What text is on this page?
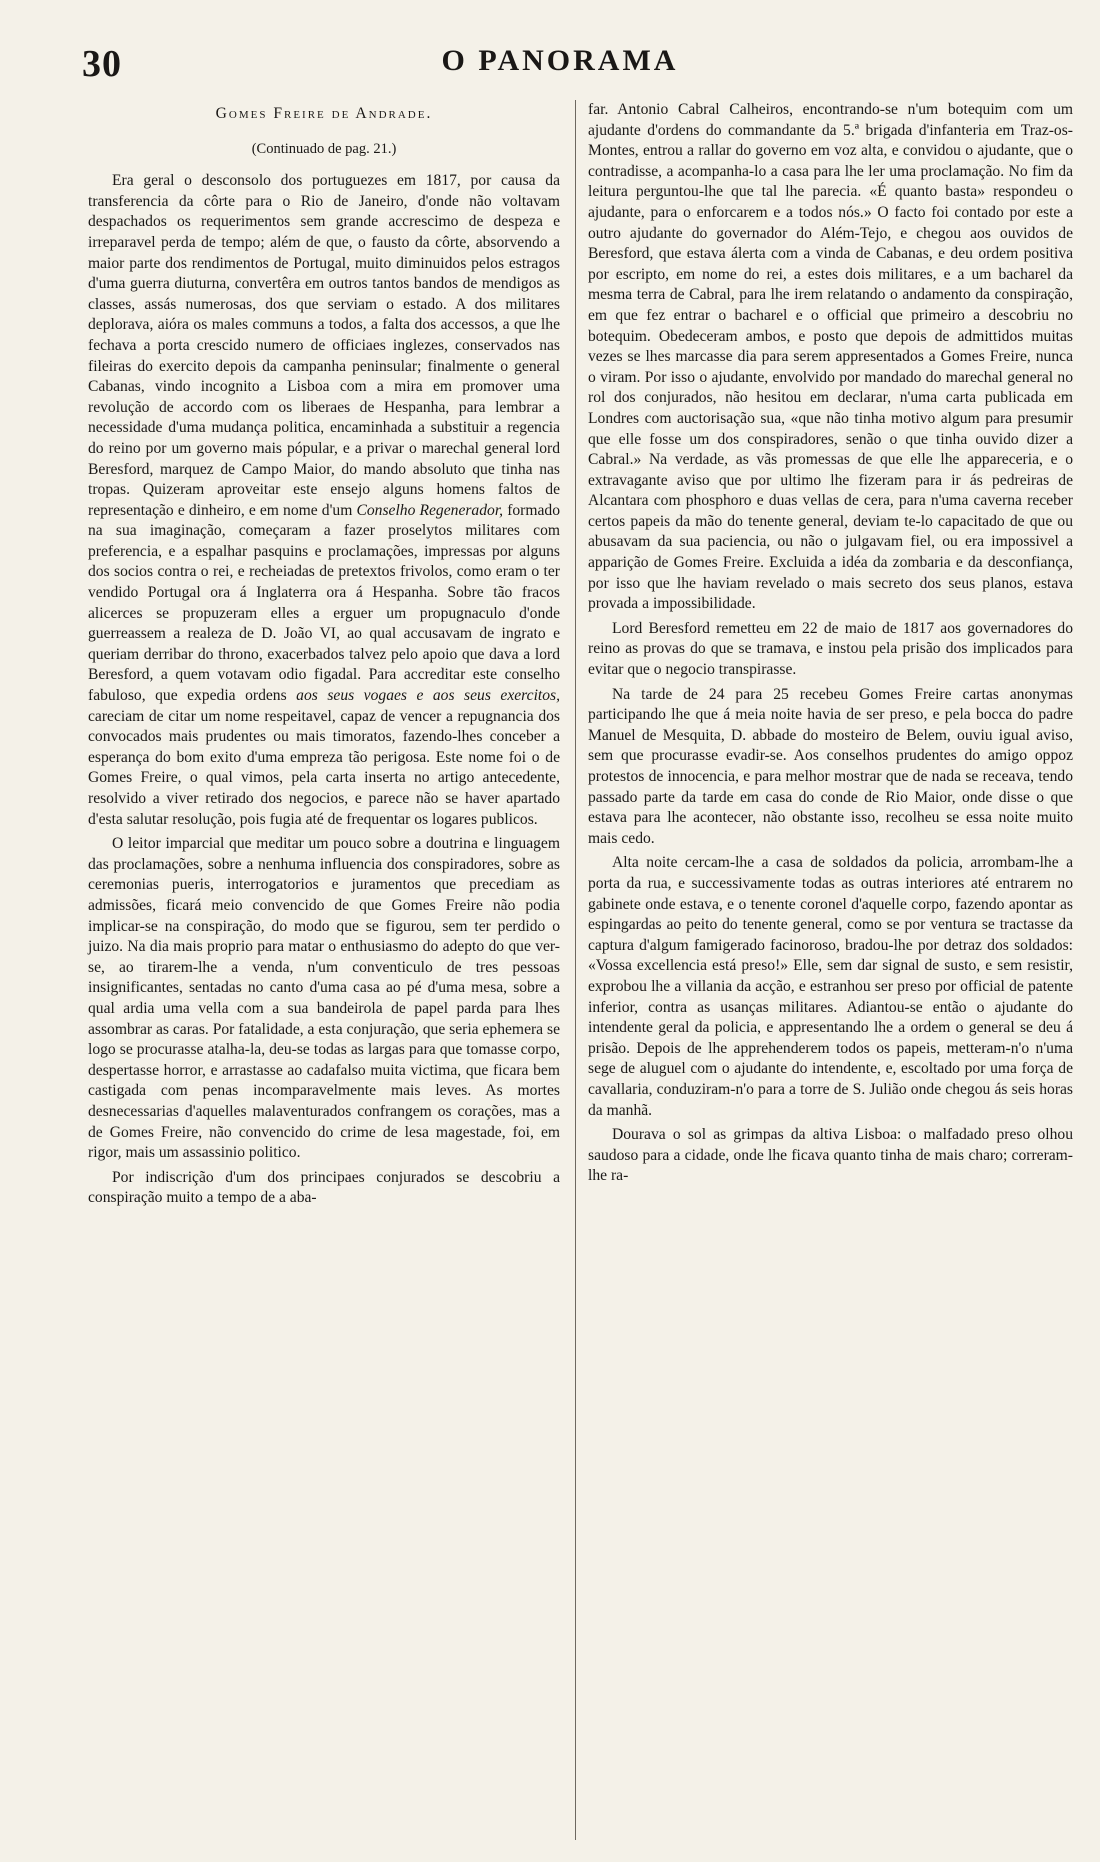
30	O PANORAMA
Gomes Freire de Andrade.
(Continuado de pag. 21.)

Era geral o desconsolo dos portuguezes em 1817, por causa da transferencia da côrte para o Rio de Janeiro, d'onde não voltavam despachados os requerimentos sem grande accrescimo de despeza e irreparavel perda de tempo; além de que, o fausto da côrte, absorvendo a maior parte dos rendimentos de Portugal, muito diminuidos pelos estragos d'uma guerra diuturna, convertêra em outros tantos bandos de mendigos as classes, assás numerosas, dos que serviam o estado. A dos militares deplorava, aióra os males communs a todos, a falta dos accessos, a que lhe fechava a porta crescido numero de officiaes inglezes, conservados nas fileiras do exercito depois da campanha peninsular; finalmente o general Cabanas, vindo incognito a Lisboa com a mira em promover uma revolução de accordo com os liberaes de Hespanha, para lembrar a necessidade d'uma mudança politica, encaminhada a substituir a regencia do reino por um governo mais pópular, e a privar o marechal general lord Beresford, marquez de Campo Maior, do mando absoluto que tinha nas tropas. Quizeram aproveitar este ensejo alguns homens faltos de representação e dinheiro, e em nome d'um Conselho Regenerador, formado na sua imaginação, começaram a fazer proselytos militares com preferencia, e a espalhar pasquins e proclamações, impressas por alguns dos socios contra o rei, e recheiadas de pretextos frivolos, como eram o ter vendido Portugal ora á Inglaterra ora á Hespanha. Sobre tão fracos alicerces se propuzeram elles a erguer um propugnaculo d'onde guerreassem a realeza de D. João VI, ao qual accusavam de ingrato e queriam derribar do throno, exacerbados talvez pelo apoio que dava a lord Beresford, a quem votavam odio figadal. Para accreditar este conselho fabuloso, que expedia ordens aos seus vogaes e aos seus exercitos, careciam de citar um nome respeitavel, capaz de vencer a repugnancia dos convocados mais prudentes ou mais timoratos, fazendo-lhes conceber a esperança do bom exito d'uma empreza tão perigosa. Este nome foi o de Gomes Freire, o qual vimos, pela carta inserta no artigo antecedente, resolvido a viver retirado dos negocios, e parece não se haver apartado d'esta salutar resolução, pois fugia até de frequentar os logares publicos.

O leitor imparcial que meditar um pouco sobre a doutrina e linguagem das proclamações, sobre a nenhuma influencia dos conspiradores, sobre as ceremonias pueris, interrogatorios e juramentos que precediam as admissões, ficará meio convencido de que Gomes Freire não podia implicar-se na conspiração, do modo que se figurou, sem ter perdido o juizo. Na dia mais proprio para matar o enthusiasmo do adepto do que ver-se, ao tirarem-lhe a venda, n'um conventiculo de tres pessoas insignificantes, sentadas no canto d'uma casa ao pé d'uma mesa, sobre a qual ardia uma vella com a sua bandeirola de papel parda para lhes assombrar as caras. Por fatalidade, a esta conjuração, que seria ephemera se logo se procurasse atalha-la, deu-se todas as largas para que tomasse corpo, despertasse horror, e arrastasse ao cadafalso muita victima, que ficara bem castigada com penas incomparavelmente mais leves. As mortes desnecessarias d'aquelles malaventurados confrangem os corações, mas a de Gomes Freire, não convencido do crime de lesa magestade, foi, em rigor, mais um assassinio politico.

Por indiscrição d'um dos principaes conjurados se descobriu a conspiração muito a tempo de a aba-

far. Antonio Cabral Calheiros, encontrando-se n'um botequim com um ajudante d'ordens do commandante da 5.ª brigada d'infanteria em Traz-os-Montes, entrou a rallar do governo em voz alta, e convidou o ajudante, que o contradisse, a acompanha-lo a casa para lhe ler uma proclamação. No fim da leitura perguntou-lhe que tal lhe parecia. «É quanto basta» respondeu o ajudante, para o enforcarem e a todos nós.» O facto foi contado por este a outro ajudante do governador do Além-Tejo, e chegou aos ouvidos de Beresford, que estava álerta com a vinda de Cabanas, e deu ordem positiva por escripto, em nome do rei, a estes dois militares, e a um bacharel da mesma terra de Cabral, para lhe irem relatando o andamento da conspiração, em que fez entrar o bacharel e o official que primeiro a descobriu no botequim. Obedeceram ambos, e posto que depois de admittidos muitas vezes se lhes marcasse dia para serem appresentados a Gomes Freire, nunca o viram. Por isso o ajudante, envolvido por mandado do marechal general no rol dos conjurados, não hesitou em declarar, n'uma carta publicada em Londres com auctorisação sua, «que não tinha motivo algum para presumir que elle fosse um dos conspiradores, senão o que tinha ouvido dizer a Cabral.» Na verdade, as vãs promessas de que elle lhe appareceria, e o extravagante aviso que por ultimo lhe fizeram para ir ás pedreiras de Alcantara com phosphoro e duas vellas de cera, para n'uma caverna receber certos papeis da mão do tenente general, deviam te-lo capacitado de que ou abusavam da sua paciencia, ou não o julgavam fiel, ou era impossivel a apparição de Gomes Freire. Excluida a idéa da zombaria e da desconfiança, por isso que lhe haviam revelado o mais secreto dos seus planos, estava provada a impossibilidade.

Lord Beresford remetteu em 22 de maio de 1817 aos governadores do reino as provas do que se tramava, e instou pela prisão dos implicados para evitar que o negocio transpirasse.

Na tarde de 24 para 25 recebeu Gomes Freire cartas anonymas participando lhe que á meia noite havia de ser preso, e pela bocca do padre Manuel de Mesquita, D. abbade do mosteiro de Belem, ouviu igual aviso, sem que procurasse evadir-se. Aos conselhos prudentes do amigo oppoz protestos de innocencia, e para melhor mostrar que de nada se receava, tendo passado parte da tarde em casa do conde de Rio Maior, onde disse o que estava para lhe acontecer, não obstante isso, recolheu se essa noite muito mais cedo.

Alta noite cercam-lhe a casa de soldados da policia, arrombam-lhe a porta da rua, e successivamente todas as outras interiores até entrarem no gabinete onde estava, e o tenente coronel d'aquelle corpo, fazendo apontar as espingardas ao peito do tenente general, como se por ventura se tractasse da captura d'algum famigerado facinoroso, bradou-lhe por detraz dos soldados: «Vossa excellencia está preso!» Elle, sem dar signal de susto, e sem resistir, exprobou lhe a villania da acção, e estranhou ser preso por official de patente inferior, contra as usanças militares. Adiantou-se então o ajudante do intendente geral da policia, e appresentando lhe a ordem o general se deu á prisão. Depois de lhe apprehenderem todos os papeis, metteram-n'o n'uma sege de aluguel com o ajudante do intendente, e, escoltado por uma força de cavallaria, conduziram-n'o para a torre de S. Julião onde chegou ás seis horas da manhã.

Dourava o sol as grimpas da altiva Lisboa: o malfadado preso olhou saudoso para a cidade, onde lhe ficava quanto tinha de mais charo; correram-lhe ra-
